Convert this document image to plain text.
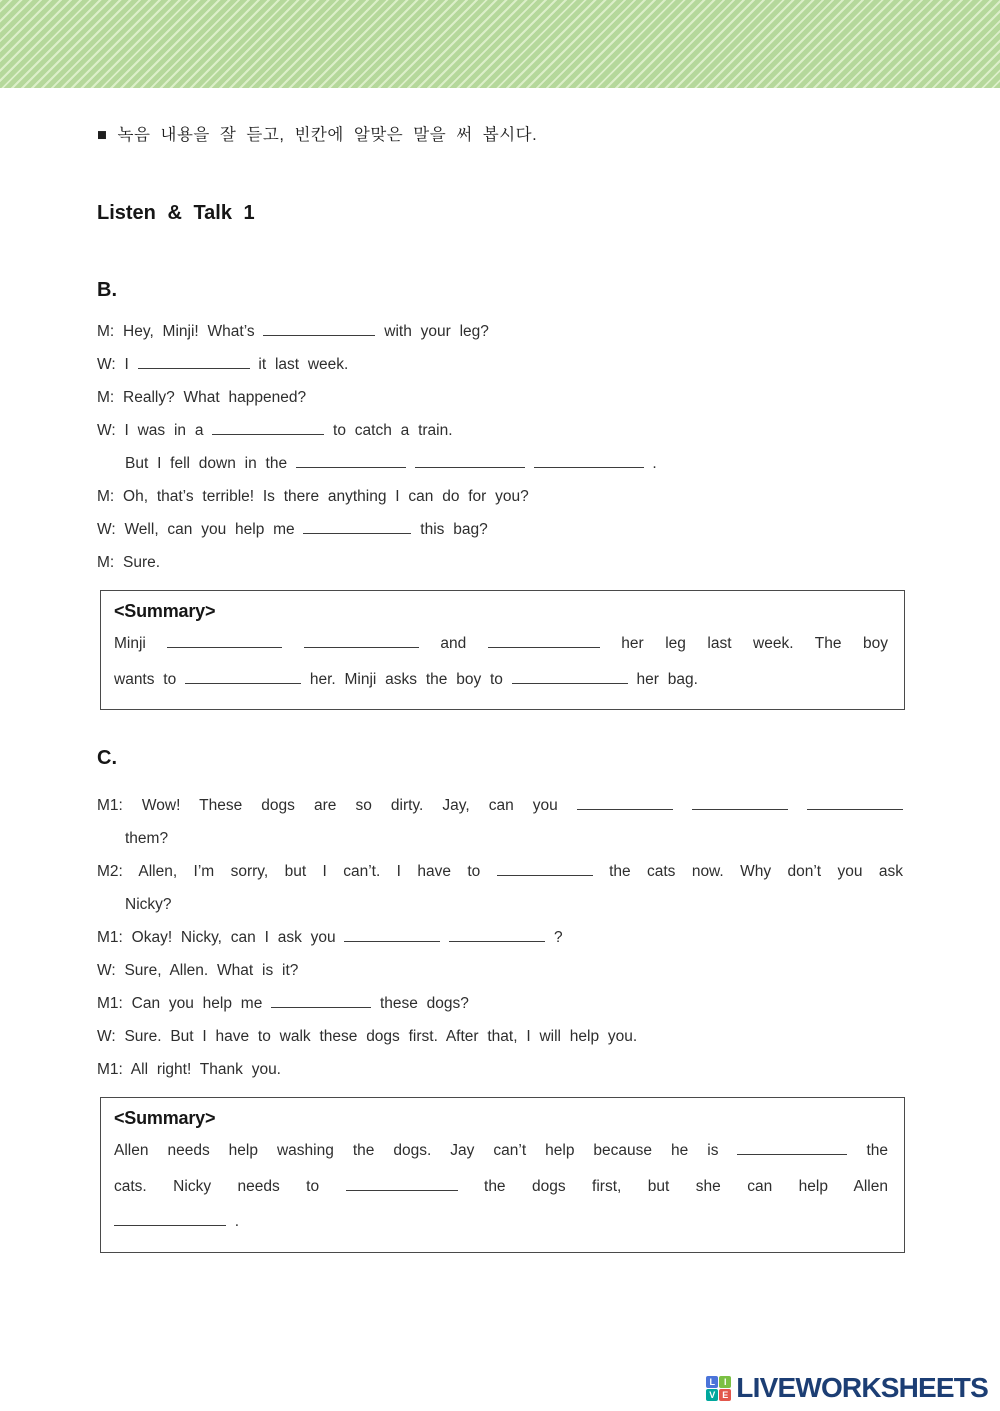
■ 녹음 내용을 잘 듣고, 빈칸에 알맞은 말을 써 봅시다.
Listen & Talk 1
B.
M: Hey, Minji! What’s	with your leg?
W: I	it last week.
M: Really? What happened?
W: I was in a	to catch a train.
But I fell down in the	.
M: Oh, that’s terrible! Is there anything I can do for you?
W: Well, can you help me	this bag?
M: Sure.
<Summary>
Minji	and	her leg last week. The boy
wants to	her. Minji asks the boy to	her bag.
C.
M1: Wow! These dogs are so dirty. Jay, can you
them?
M2: Allen, I’m sorry, but I can’t. I have to	the cats now. Why don’t you ask
Nicky?
M1: Okay! Nicky, can I ask you	?
W: Sure, Allen. What is it?
M1: Can you help me	these dogs?
W: Sure. But I have to walk these dogs first. After that, I will help you.
M1: All right! Thank you.
<Summary>
Allen needs help washing the dogs. Jay can’t help because he is	the
cats. Nicky needs to	the dogs first, but she can help Allen
.
L I
V E LIVEWORKSHEETS
